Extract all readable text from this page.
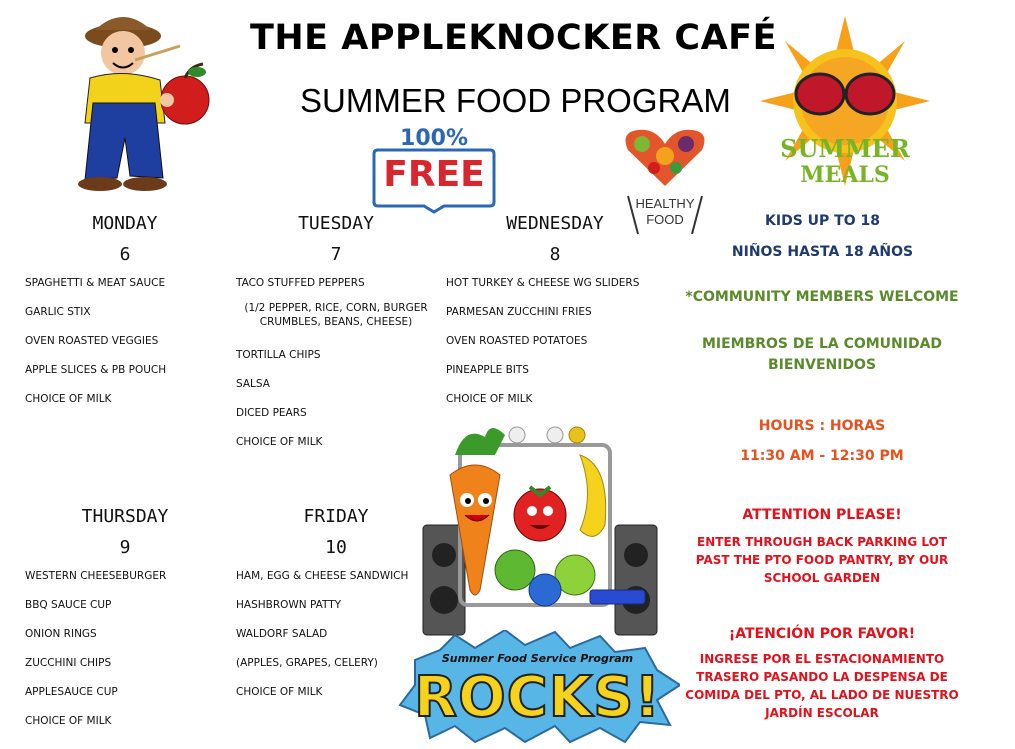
THE APPLEKNOCKER CAFÉ
SUMMER FOOD PROGRAM
100%
FREE
HEALTHY
FOOD
SUMMER
MEALS
MONDAY
6
SPAGHETTI & MEAT SAUCE
GARLIC STIX
OVEN ROASTED VEGGIES
APPLE SLICES & PB POUCH
CHOICE OF MILK
TUESDAY
7
TACO STUFFED PEPPERS
(1/2 PEPPER, RICE, CORN, BURGER CRUMBLES, BEANS, CHEESE)
TORTILLA CHIPS
SALSA
DICED PEARS
CHOICE OF MILK
WEDNESDAY
8
HOT TURKEY & CHEESE WG SLIDERS
PARMESAN ZUCCHINI FRIES
OVEN ROASTED POTATOES
PINEAPPLE BITS
CHOICE OF MILK
THURSDAY
9
WESTERN CHEESEBURGER
BBQ SAUCE CUP
ONION RINGS
ZUCCHINI CHIPS
APPLESAUCE CUP
CHOICE OF MILK
FRIDAY
10
HAM, EGG & CHEESE SANDWICH
HASHBROWN PATTY
WALDORF SALAD
(APPLES, GRAPES, CELERY)
CHOICE OF MILK
Summer Food Service Program
ROCKS!
KIDS UP TO 18
NIÑOS HASTA 18 AÑOS
*COMMUNITY MEMBERS WELCOME
MIEMBROS DE LA COMUNIDAD
BIENVENIDOS
HOURS : HORAS
11:30 AM - 12:30 PM
ATTENTION PLEASE!
ENTER THROUGH BACK PARKING LOT
PAST THE PTO FOOD PANTRY, BY OUR
SCHOOL GARDEN
¡ATENCIÓN POR FAVOR!
INGRESE POR EL ESTACIONAMIENTO
TRASERO PASANDO LA DESPENSA DE
COMIDA DEL PTO, AL LADO DE NUESTRO
JARDÍN ESCOLAR
